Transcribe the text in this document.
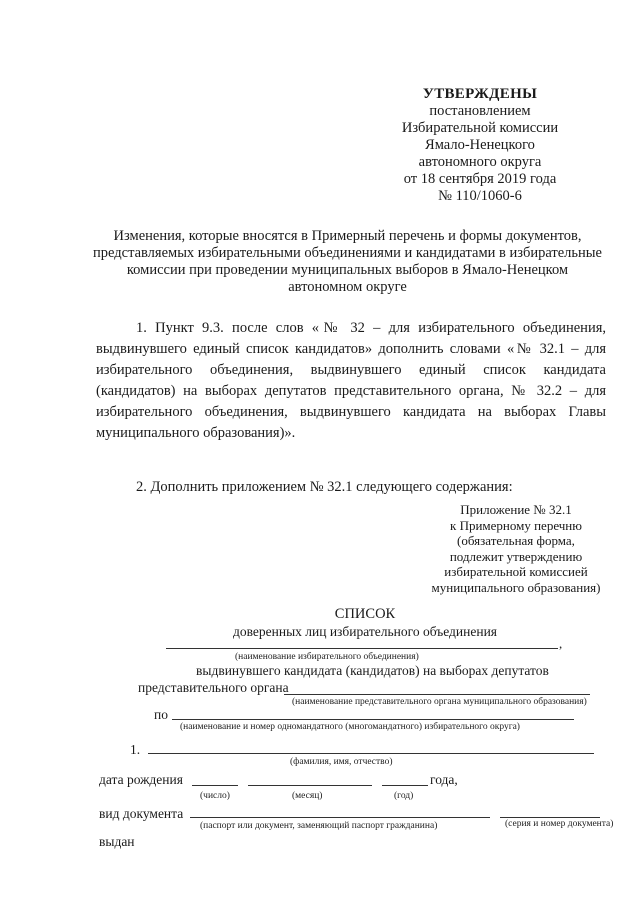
УТВЕРЖДЕНЫ
постановлением
Избирательной комиссии
Ямало-Ненецкого
автономного округа
от 18 сентября 2019 года
№ 110/1060-6
Изменения, которые вносятся в Примерный перечень и формы документов, представляемых избирательными объединениями и кандидатами в избирательные комиссии при проведении муниципальных выборов в Ямало-Ненецком автономном округе
1. Пункт 9.3. после слов «№ 32 – для избирательного объединения, выдвинувшего единый список кандидатов» дополнить словами «№ 32.1 – для избирательного объединения, выдвинувшего единый список кандидата (кандидатов) на выборах депутатов представительного органа, № 32.2 – для избирательного объединения, выдвинувшего кандидата на выборах Главы муниципального образования)».
2. Дополнить приложением № 32.1 следующего содержания:
Приложение № 32.1
к Примерному перечню
(обязательная форма,
подлежит утверждению
избирательной комиссией
муниципального образования)
СПИСОК
доверенных лиц избирательного объединения
,
(наименование избирательного объединения)
выдвинувшего кандидата (кандидатов) на выборах депутатов
представительного органа
(наименование представительного органа муниципального образования)
по
(наименование и номер одномандатного (многомандатного) избирательного округа)
1.
(фамилия, имя, отчество)
дата рождения	года,
(число)	(месяц)	(год)
вид документа
(паспорт или документ, заменяющий паспорт гражданина)	(серия и номер документа)
выдан
